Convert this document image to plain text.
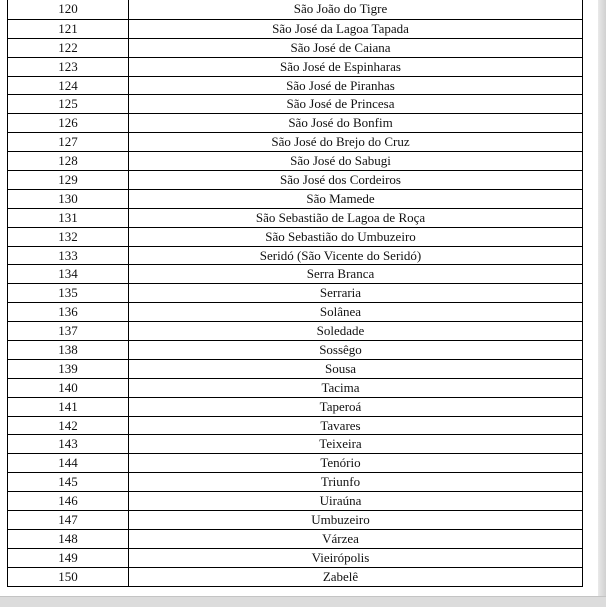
120	São João do Tigre
121	São José da Lagoa Tapada
122	São José de Caiana
123	São José de Espinharas
124	São José de Piranhas
125	São José de Princesa
126	São José do Bonfim
127	São José do Brejo do Cruz
128	São José do Sabugi
129	São José dos Cordeiros
130	São Mamede
131	São Sebastião de Lagoa de Roça
132	São Sebastião do Umbuzeiro
133	Seridó (São Vicente do Seridó)
134	Serra Branca
135	Serraria
136	Solânea
137	Soledade
138	Sossêgo
139	Sousa
140	Tacima
141	Taperoá
142	Tavares
143	Teixeira
144	Tenório
145	Triunfo
146	Uiraúna
147	Umbuzeiro
148	Várzea
149	Vieirópolis
150	Zabelê
